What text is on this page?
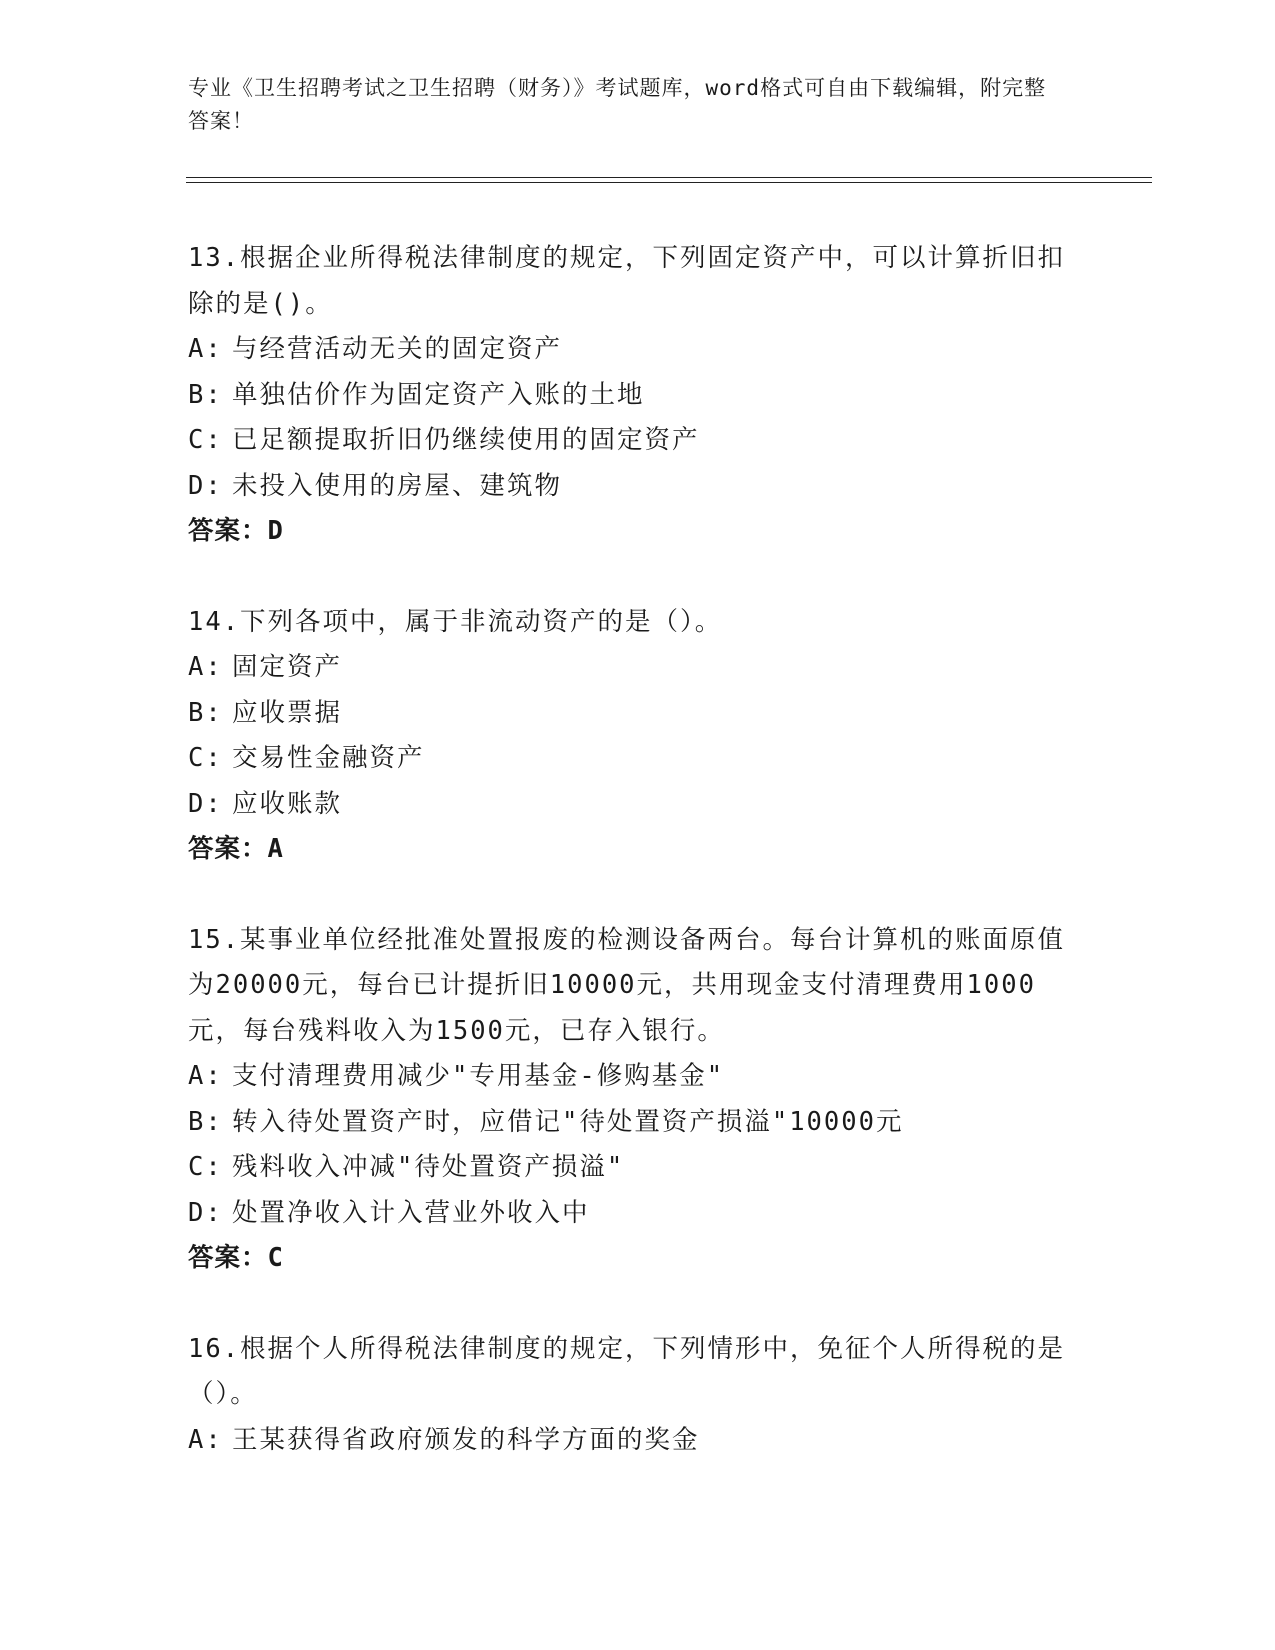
专业《卫生招聘考试之卫生招聘（财务）》考试题库，word格式可自由下载编辑，附完整答案！
13.根据企业所得税法律制度的规定，下列固定资产中，可以计算折旧扣除的是()。
A: 与经营活动无关的固定资产
B: 单独估价作为固定资产入账的土地
C: 已足额提取折旧仍继续使用的固定资产
D: 未投入使用的房屋、建筑物
答案：D
14.下列各项中，属于非流动资产的是（）。
A: 固定资产
B: 应收票据
C: 交易性金融资产
D: 应收账款
答案：A
15.某事业单位经批准处置报废的检测设备两台。每台计算机的账面原值为20000元，每台已计提折旧10000元，共用现金支付清理费用1000元，每台残料收入为1500元，已存入银行。
A: 支付清理费用减少"专用基金-修购基金"
B: 转入待处置资产时，应借记"待处置资产损溢"10000元
C: 残料收入冲减"待处置资产损溢"
D: 处置净收入计入营业外收入中
答案：C
16.根据个人所得税法律制度的规定，下列情形中，免征个人所得税的是（）。
A: 王某获得省政府颁发的科学方面的奖金
